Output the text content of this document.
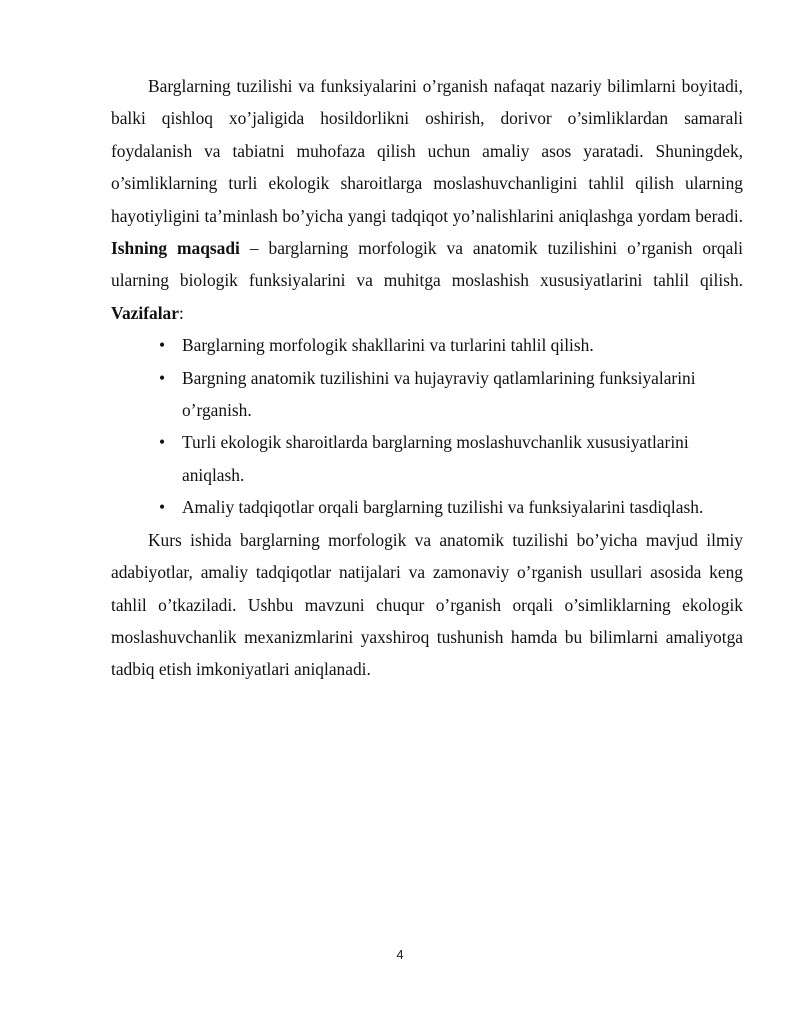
Barglarning tuzilishi va funksiyalarini o’rganish nafaqat nazariy bilimlarni boyitadi, balki qishloq xo’jaligida hosildorlikni oshirish, dorivor o’simliklardan samarali foydalanish va tabiatni muhofaza qilish uchun amaliy asos yaratadi. Shuningdek, o’simliklarning turli ekologik sharoitlarga moslashuvchanligini tahlil qilish ularning hayotiyligini ta’minlash bo’yicha yangi tadqiqot yo’nalishlarini aniqlashga yordam beradi. Ishning maqsadi – barglarning morfologik va anatomik tuzilishini o’rganish orqali ularning biologik funksiyalarini va muhitga moslashish xususiyatlarini tahlil qilish. Vazifalar:

• Barglarning morfologik shakllarini va turlarini tahlil qilish.
• Bargning anatomik tuzilishini va hujayraviy qatlamlarining funksiyalarini o’rganish.
• Turli ekologik sharoitlarda barglarning moslashuvchanlik xususiyatlarini aniqlash.
• Amaliy tadqiqotlar orqali barglarning tuzilishi va funksiyalarini tasdiqlash.

Kurs ishida barglarning morfologik va anatomik tuzilishi bo’yicha mavjud ilmiy adabiyotlar, amaliy tadqiqotlar natijalari va zamonaviy o’rganish usullari asosida keng tahlil o’tkaziladi. Ushbu mavzuni chuqur o’rganish orqali o’simliklarning ekologik moslashuvchanlik mexanizmlarini yaxshiroq tushunish hamda bu bilimlarni amaliyotga tadbiq etish imkoniyatlari aniqlanadi.

4
